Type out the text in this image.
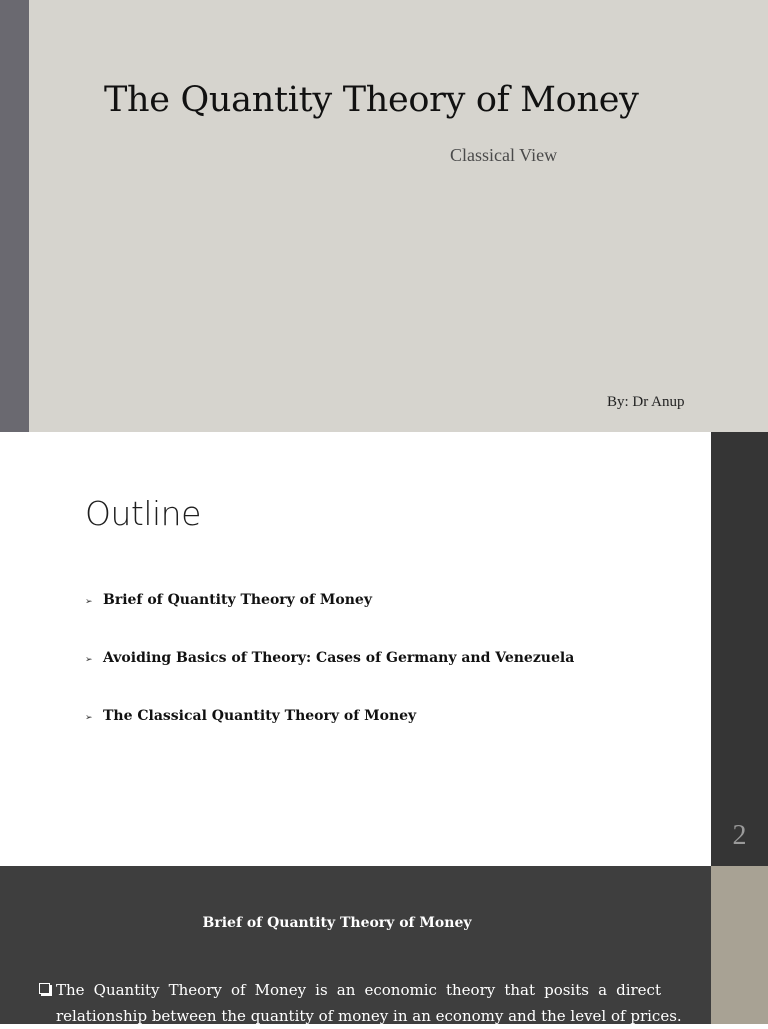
The Quantity Theory of Money
Classical View
By: Dr Anup
Outline
➢ Brief of Quantity Theory of Money
➢ Avoiding Basics of Theory: Cases of Germany and Venezuela
➢ The Classical Quantity Theory of Money
2
Brief of Quantity Theory of Money
The Quantity Theory of Money is an economic theory that posits a direct
relationship between the quantity of money in an economy and the level of prices.
